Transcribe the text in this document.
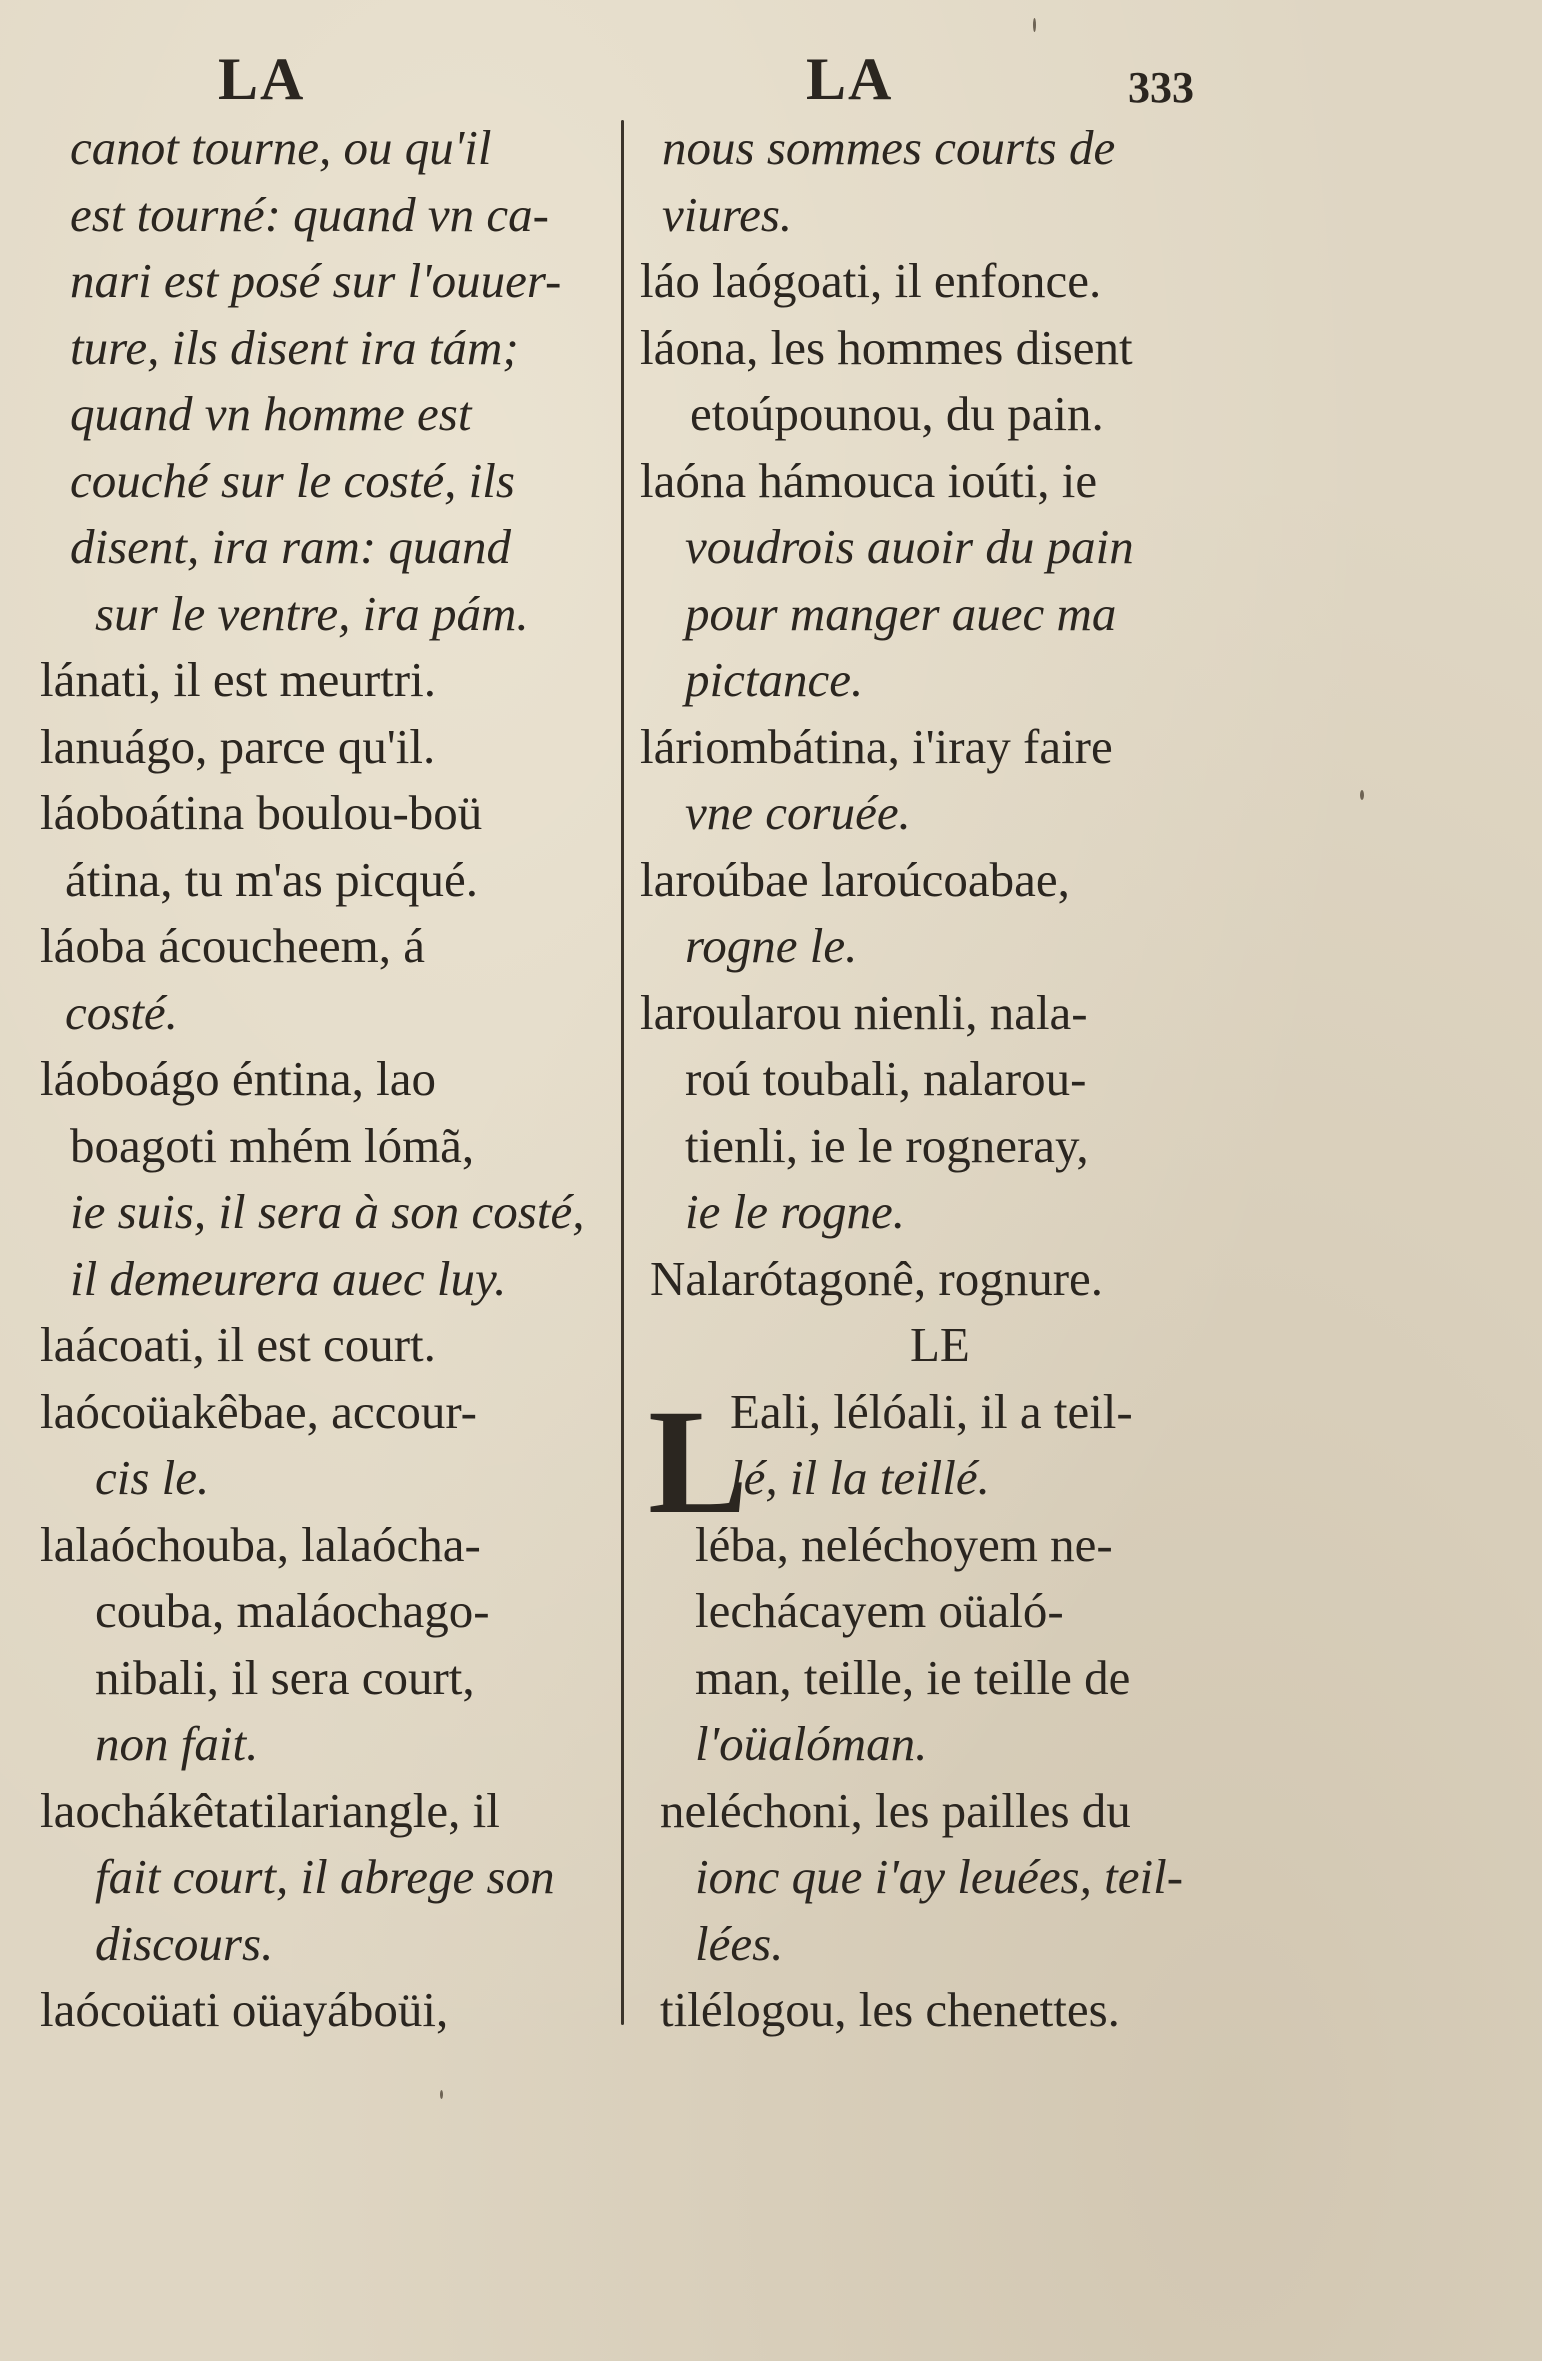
LA	LA	333
canot tourne, ou qu'il
est tourné: quand vn ca-
nari est posé sur l'ouuer-
ture, ils disent ira tám;
quand vn homme est
couché sur le costé, ils
disent, ira ram: quand
sur le ventre, ira pám.
lánati, il est meurtri.
lanuágo, parce qu'il.
láoboátina boulou-boü
átina, tu m'as picqué.
láoba ácoucheem, á
costé.
láoboágo éntina, lao
boagoti mhém lómã,
ie suis, il sera à son costé,
il demeurera auec luy.
laácoati, il est court.
laócoüakêbae, accour-
cis le.
lalaóchouba, lalaócha-
couba, maláochago-
nibali, il sera court,
non fait.
laochákêtatilariangle, il
fait court, il abrege son
discours.
laócoüati oüayáboüi,
nous sommes courts de
viures.
láo laógoati, il enfonce.
láona, les hommes disent
etoúpounou, du pain.
laóna hámouca ioúti, ie
voudrois auoir du pain
pour manger auec ma
pictance.
láriombátina, i'iray faire
vne coruée.
laroúbae laroúcoabae,
rogne le.
laroularou nienli, nala-
roú toubali, nalarou-
tienli, ie le rogneray,
ie le rogne.
Nalarótagonê, rognure.
LE
Eali, lélóali, il a teil-
lé, il la teillé.
léba, neléchoyem ne-
lechácayem oüaló-
man, teille, ie teille de
l'oüalóman.
neléchoni, les pailles du
ionc que i'ay leuées, teil-
lées.
tilélogou, les chenettes.
L
